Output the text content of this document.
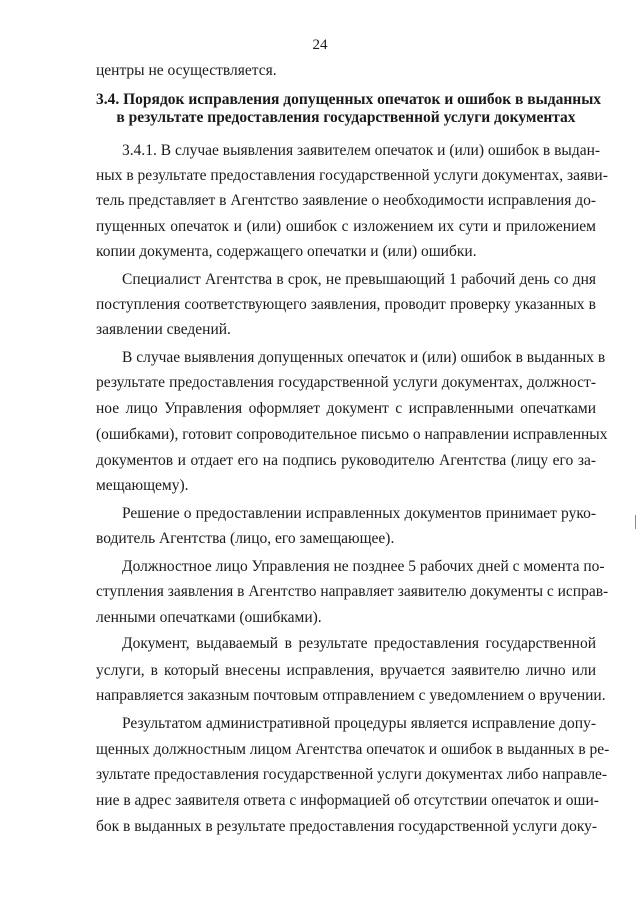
24
центры не осуществляется.
3.4. Порядок исправления допущенных опечаток и ошибок в выданных
в результате предоставления государственной услуги документах
3.4.1. В случае выявления заявителем опечаток и (или) ошибок в выдан-
ных в результате предоставления государственной услуги документах, заяви-
тель представляет в Агентство заявление о необходимости исправления до-
пущенных опечаток и (или) ошибок с изложением их сути и приложением
копии документа, содержащего опечатки и (или) ошибки.
Специалист Агентства в срок, не превышающий 1 рабочий день со дня
поступления соответствующего заявления, проводит проверку указанных в
заявлении сведений.
В случае выявления допущенных опечаток и (или) ошибок в выданных в
результате предоставления государственной услуги документах, должност-
ное лицо Управления оформляет документ с исправленными опечатками
(ошибками), готовит сопроводительное письмо о направлении исправленных
документов и отдает его на подпись руководителю Агентства (лицу его за-
мещающему).
Решение о предоставлении исправленных документов принимает руко-
водитель Агентства (лицо, его замещающее).
Должностное лицо Управления не позднее 5 рабочих дней с момента по-
ступления заявления в Агентство направляет заявителю документы с исправ-
ленными опечатками (ошибками).
Документ, выдаваемый в результате предоставления государственной
услуги, в который внесены исправления, вручается заявителю лично или
направляется заказным почтовым отправлением с уведомлением о вручении.
Результатом административной процедуры является исправление допу-
щенных должностным лицом Агентства опечаток и ошибок в выданных в ре-
зультате предоставления государственной услуги документах либо направле-
ние в адрес заявителя ответа с информацией об отсутствии опечаток и оши-
бок в выданных в результате предоставления государственной услуги доку-
